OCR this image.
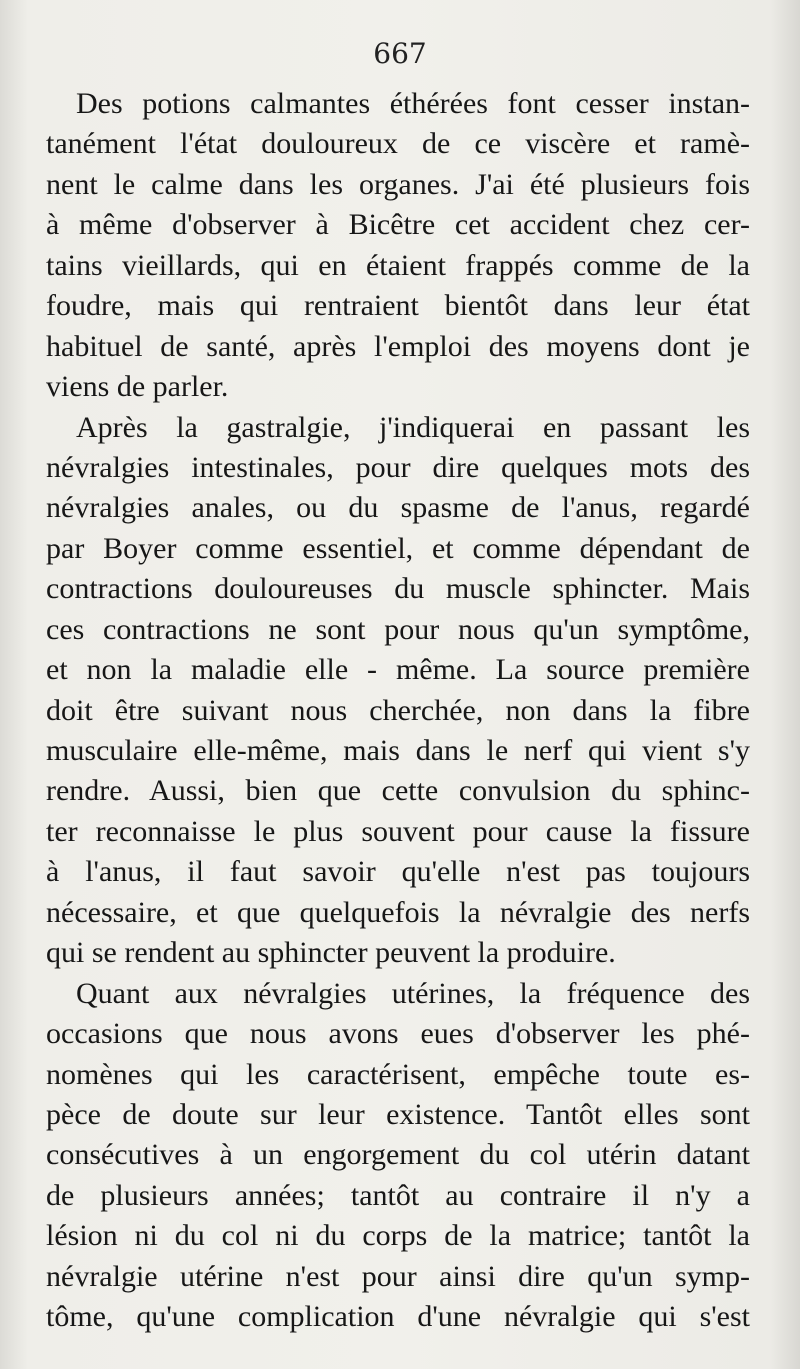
667
Des potions calmantes éthérées font cesser instan-
tanément l'état douloureux de ce viscère et ramè-
nent le calme dans les organes. J'ai été plusieurs fois
à même d'observer à Bicêtre cet accident chez cer-
tains vieillards, qui en étaient frappés comme de la
foudre, mais qui rentraient bientôt dans leur état
habituel de santé, après l'emploi des moyens dont je
viens de parler.
Après la gastralgie, j'indiquerai en passant les
névralgies intestinales, pour dire quelques mots des
névralgies anales, ou du spasme de l'anus, regardé
par Boyer comme essentiel, et comme dépendant de
contractions douloureuses du muscle sphincter. Mais
ces contractions ne sont pour nous qu'un symptôme,
et non la maladie elle - même. La source première
doit être suivant nous cherchée, non dans la fibre
musculaire elle-même, mais dans le nerf qui vient s'y
rendre. Aussi, bien que cette convulsion du sphinc-
ter reconnaisse le plus souvent pour cause la fissure
à l'anus, il faut savoir qu'elle n'est pas toujours
nécessaire, et que quelquefois la névralgie des nerfs
qui se rendent au sphincter peuvent la produire.
Quant aux névralgies utérines, la fréquence des
occasions que nous avons eues d'observer les phé-
nomènes qui les caractérisent, empêche toute es-
pèce de doute sur leur existence. Tantôt elles sont
consécutives à un engorgement du col utérin datant
de plusieurs années; tantôt au contraire il n'y a
lésion ni du col ni du corps de la matrice; tantôt la
névralgie utérine n'est pour ainsi dire qu'un symp-
tôme, qu'une complication d'une névralgie qui s'est
